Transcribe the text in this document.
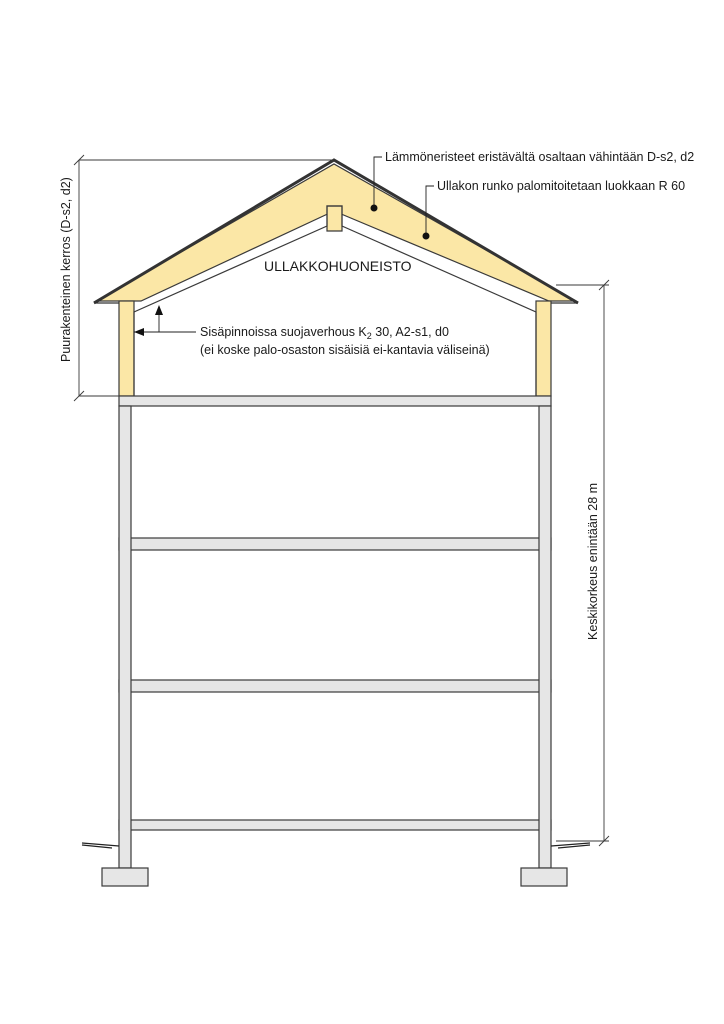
ULLAKKOHUONEISTO
Lämmöneristeet eristävältä osaltaan vähintään D-s2, d2
Ullakon runko palomitoitetaan luokkaan R 60
Sisäpinnoissa suojaverhous $K_2$ 30, A2-s1, d0
(ei koske palo-osaston sisäisiä ei-kantavia väliseinä)
Puurakenteinen kerros (D-s2, d2)
Keskikorkeus enintään 28 m
